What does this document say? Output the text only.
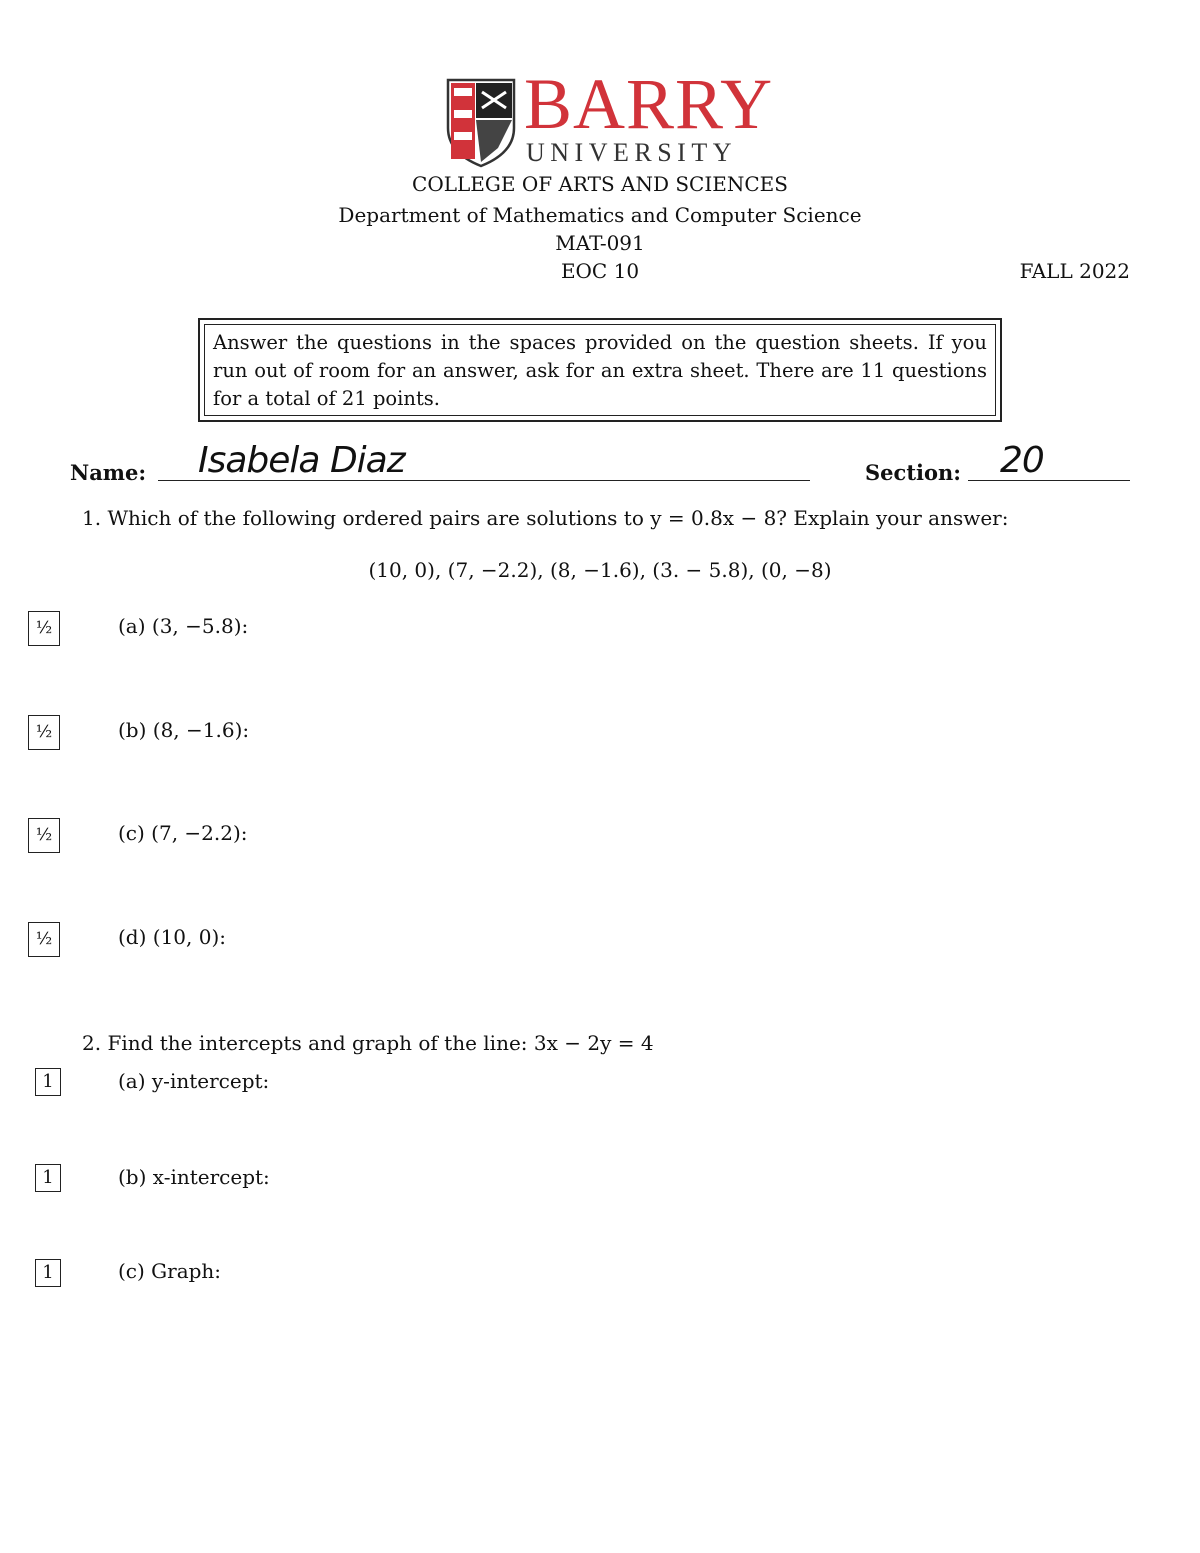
BARRY
UNIVERSITY
COLLEGE OF ARTS AND SCIENCES
Department of Mathematics and Computer Science
MAT-091
EOC 10	FALL 2022
Answer the questions in the spaces provided on the question sheets. If you run out of room for an answer, ask for an extra sheet. There are 11 questions for a total of 21 points.
Name: Isabela Diaz	Section: 20
1. Which of the following ordered pairs are solutions to y = 0.8x − 8? Explain your answer:
(10, 0), (7, −2.2), (8, −1.6), (3. − 5.8), (0, −8)
½	(a) (3, −5.8):
½	(b) (8, −1.6):
½	(c) (7, −2.2):
½	(d) (10, 0):
2. Find the intercepts and graph of the line: 3x − 2y = 4
1	(a) y-intercept:
1	(b) x-intercept:
1	(c) Graph:
